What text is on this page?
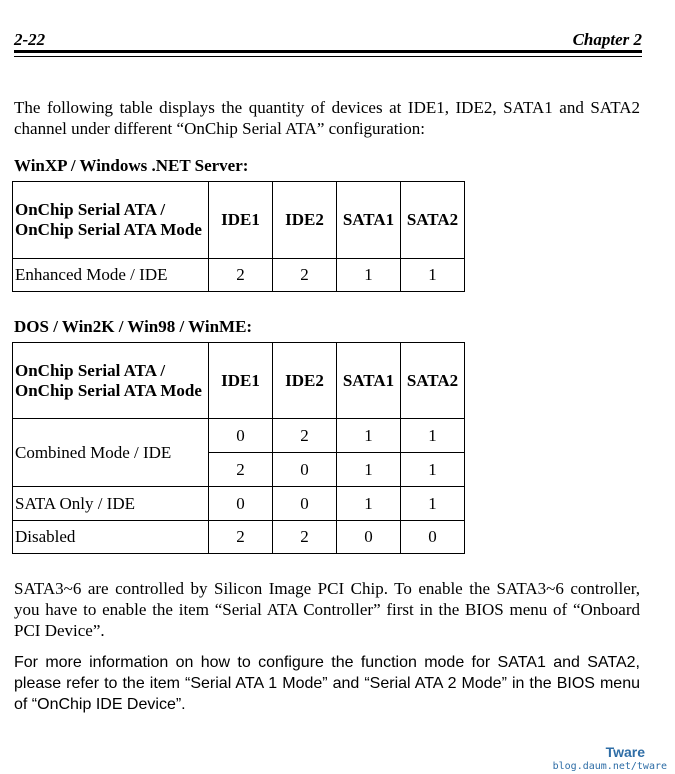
2-22	Chapter 2
The following table displays the quantity of devices at IDE1, IDE2, SATA1 and SATA2 channel under different “OnChip Serial ATA” configuration:
WinXP / Windows .NET Server:
OnChip Serial ATA / OnChip Serial ATA Mode	IDE1	IDE2	SATA1	SATA2
Enhanced Mode / IDE	2	2	1	1
DOS / Win2K / Win98 / WinME:
OnChip Serial ATA / OnChip Serial ATA Mode	IDE1	IDE2	SATA1	SATA2
Combined Mode / IDE	0	2	1	1
	2	0	1	1
SATA Only / IDE	0	0	1	1
Disabled	2	2	0	0
SATA3~6 are controlled by Silicon Image PCI Chip. To enable the SATA3~6 controller, you have to enable the item “Serial ATA Controller” first in the BIOS menu of “Onboard PCI Device”.
For more information on how to configure the function mode for SATA1 and SATA2, please refer to the item “Serial ATA 1 Mode” and “Serial ATA 2 Mode” in the BIOS menu of “OnChip IDE Device”.
Tware
blog.daum.net/tware
